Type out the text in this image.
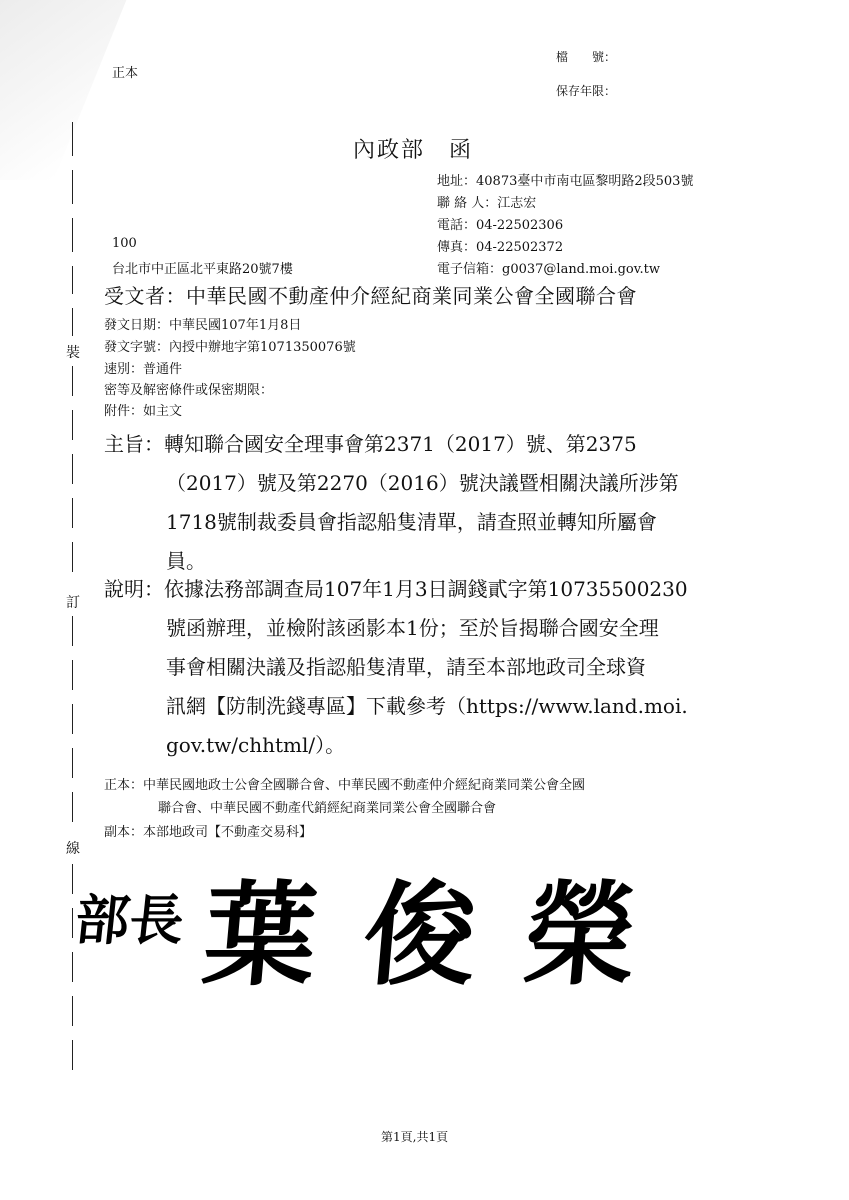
正本
檔　　號：
保存年限：
內政部　函
地址：40873臺中市南屯區黎明路2段503號
聯 絡 人：江志宏
電話：04-22502306
傳真：04-22502372
電子信箱：g0037@land.moi.gov.tw
100
台北市中正區北平東路20號7樓
受文者：中華民國不動產仲介經紀商業同業公會全國聯合會
發文日期：中華民國107年1月8日
發文字號：內授中辦地字第1071350076號
速別：普通件
密等及解密條件或保密期限：
附件：如主文
主旨：轉知聯合國安全理事會第2371（2017）號、第2375
（2017）號及第2270（2016）號決議暨相關決議所涉第
1718號制裁委員會指認船隻清單，請查照並轉知所屬會
員。
說明：依據法務部調查局107年1月3日調錢貳字第10735500230
號函辦理，並檢附該函影本1份；至於旨揭聯合國安全理
事會相關決議及指認船隻清單，請至本部地政司全球資
訊網【防制洗錢專區】下載參考（https://www.land.moi.
gov.tw/chhtml/）。
正本：中華民國地政士公會全國聯合會、中華民國不動產仲介經紀商業同業公會全國
聯合會、中華民國不動產代銷經紀商業同業公會全國聯合會
副本：本部地政司【不動產交易科】
裝
訂
線
部長 葉俊榮
第1頁,共1頁
